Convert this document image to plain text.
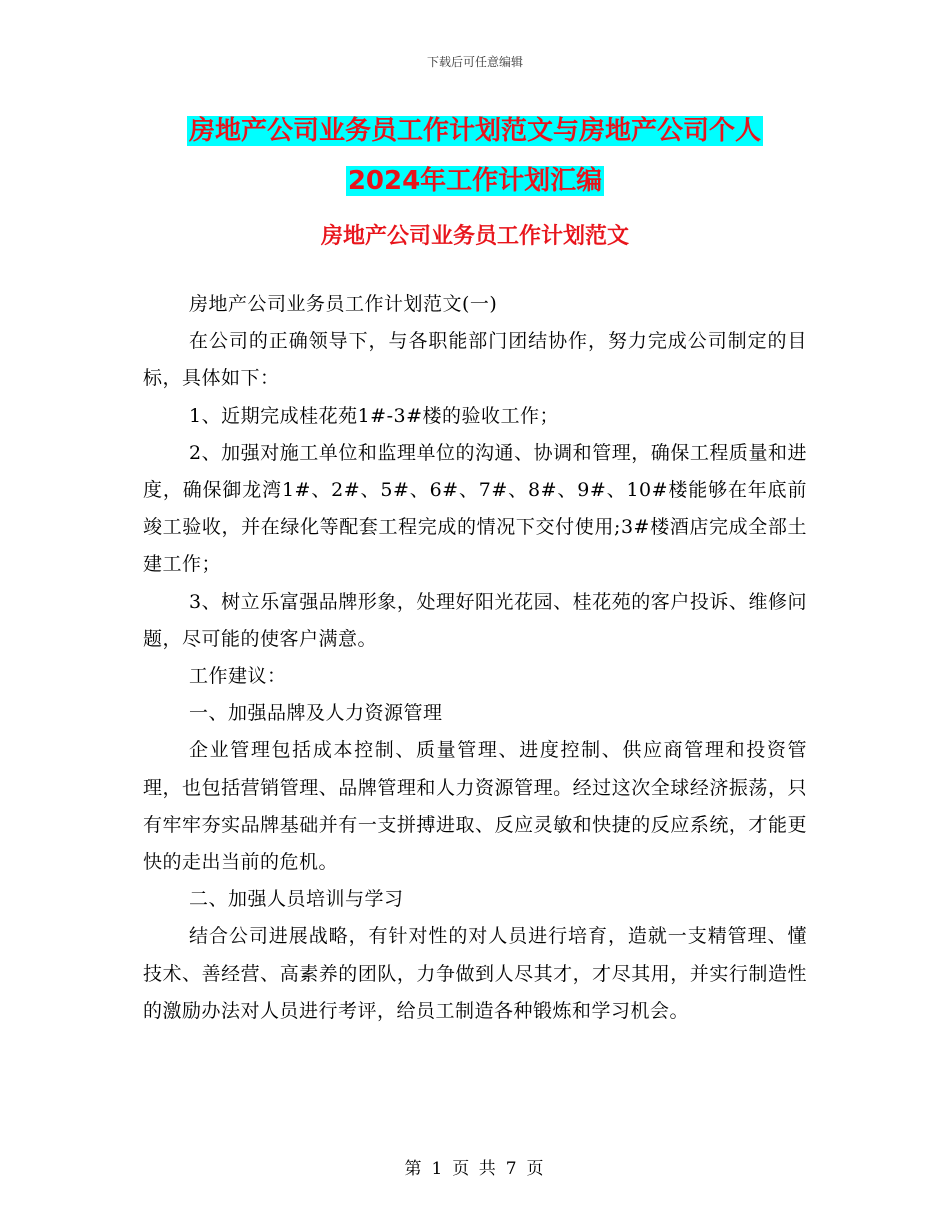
下载后可任意编辑
房地产公司业务员工作计划范文与房地产公司个人
2024年工作计划汇编
房地产公司业务员工作计划范文

房地产公司业务员工作计划范文(一)

在公司的正确领导下，与各职能部门团结协作，努力完成公司制定的目标，具体如下：

1、近期完成桂花苑1#-3#楼的验收工作；

2、加强对施工单位和监理单位的沟通、协调和管理，确保工程质量和进度，确保御龙湾1#、2#、5#、6#、7#、8#、9#、10#楼能够在年底前竣工验收，并在绿化等配套工程完成的情况下交付使用;3#楼酒店完成全部土建工作；

3、树立乐富强品牌形象，处理好阳光花园、桂花苑的客户投诉、维修问题，尽可能的使客户满意。

工作建议：

一、加强品牌及人力资源管理

企业管理包括成本控制、质量管理、进度控制、供应商管理和投资管理，也包括营销管理、品牌管理和人力资源管理。经过这次全球经济振荡，只有牢牢夯实品牌基础并有一支拼搏进取、反应灵敏和快捷的反应系统，才能更快的走出当前的危机。

二、加强人员培训与学习

结合公司进展战略，有针对性的对人员进行培育，造就一支精管理、懂技术、善经营、高素养的团队，力争做到人尽其才，才尽其用，并实行制造性的激励办法对人员进行考评，给员工制造各种锻炼和学习机会。

第 1 页 共 7 页
